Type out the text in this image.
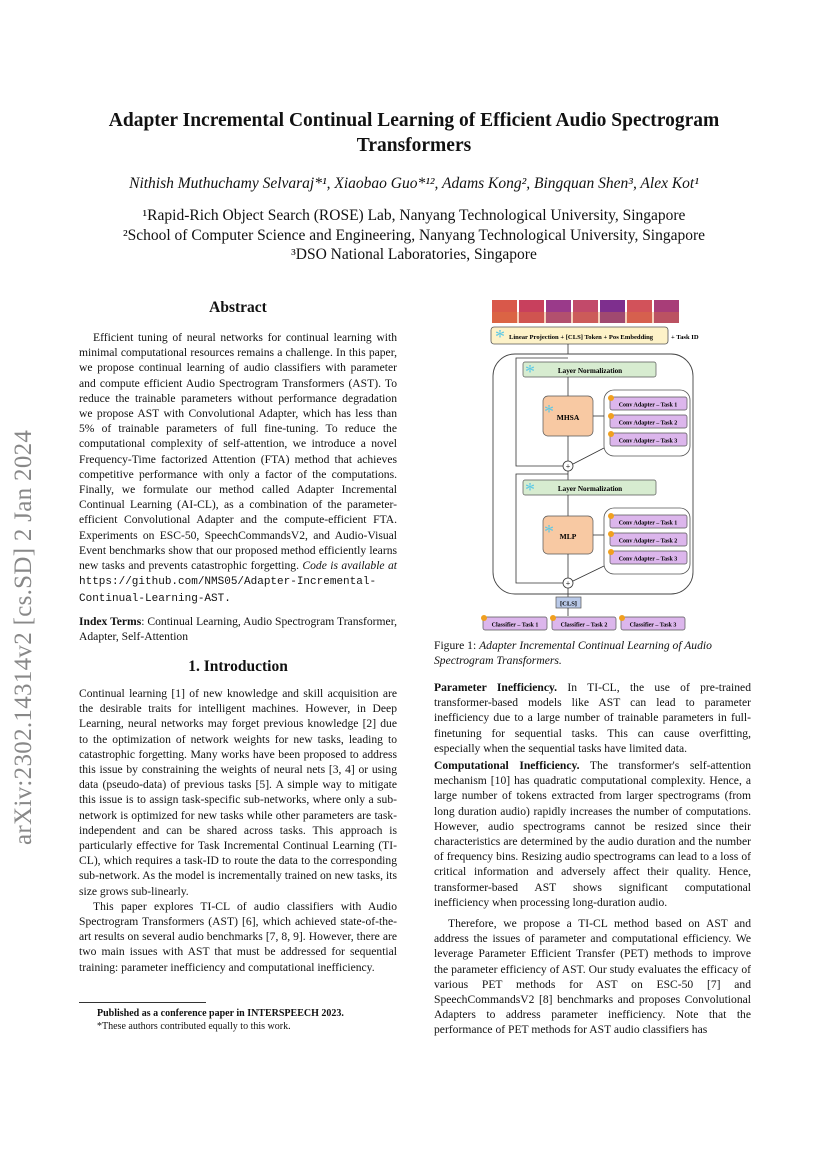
arXiv:2302.14314v2 [cs.SD] 2 Jan 2024
Adapter Incremental Continual Learning of Efficient Audio Spectrogram Transformers
Nithish Muthuchamy Selvaraj*¹, Xiaobao Guo*¹², Adams Kong², Bingquan Shen³, Alex Kot¹
¹Rapid-Rich Object Search (ROSE) Lab, Nanyang Technological University, Singapore
²School of Computer Science and Engineering, Nanyang Technological University, Singapore
³DSO National Laboratories, Singapore
Abstract

Efficient tuning of neural networks for continual learning with minimal computational resources remains a challenge. In this paper, we propose continual learning of audio classifiers with parameter and compute efficient Audio Spectrogram Transformers (AST). To reduce the trainable parameters without performance degradation we propose AST with Convolutional Adapter, which has less than 5% of trainable parameters of full fine-tuning. To reduce the computational complexity of self-attention, we introduce a novel Frequency-Time factorized Attention (FTA) method that achieves competitive performance with only a factor of the computations. Finally, we formulate our method called Adapter Incremental Continual Learning (AI-CL), as a combination of the parameter-efficient Convolutional Adapter and the compute-efficient FTA. Experiments on ESC-50, SpeechCommandsV2, and Audio-Visual Event benchmarks show that our proposed method efficiently learns new tasks and prevents catastrophic forgetting. Code is available at https://github.com/NMS05/Adapter-Incremental-Continual-Learning-AST.

Index Terms: Continual Learning, Audio Spectrogram Transformer, Adapter, Self-Attention

1. Introduction

Continual learning [1] of new knowledge and skill acquisition are the desirable traits for intelligent machines. However, in Deep Learning, neural networks may forget previous knowledge [2] due to the optimization of network weights for new tasks, leading to catastrophic forgetting. Many works have been proposed to address this issue by constraining the weights of neural nets [3, 4] or using data (pseudo-data) of previous tasks [5]. A simple way to mitigate this issue is to assign task-specific sub-networks, where only a sub-network is optimized for new tasks while other parameters are task-independent and can be shared across tasks. This approach is particularly effective for Task Incremental Continual Learning (TI-CL), which requires a task-ID to route the data to the corresponding sub-network. As the model is incrementally trained on new tasks, its size grows sub-linearly.

This paper explores TI-CL of audio classifiers with Audio Spectrogram Transformers (AST) [6], which achieved state-of-the-art results on several audio benchmarks [7, 8, 9]. However, there are two main issues with AST that must be addressed for sequential training: parameter inefficiency and computational inefficiency.

Published as a conference paper in INTERSPEECH 2023.
*These authors contributed equally to this work.
Linear Projection + [CLS] Token + Pos Embedding	+ Task ID
*
Layer Normalization
*
MHSA
*	Conv Adapter – Task 1
Conv Adapter – Task 2
Conv Adapter – Task 3
+
Layer Normalization
*
MLP
*	Conv Adapter – Task 1
Conv Adapter – Task 2
Conv Adapter – Task 3
+
[CLS]
Classifier – Task 1	Classifier – Task 2	Classifier – Task 3
Figure 1: Adapter Incremental Continual Learning of Audio Spectrogram Transformers.

Parameter Inefficiency. In TI-CL, the use of pre-trained transformer-based models like AST can lead to parameter inefficiency due to a large number of trainable parameters in full-finetuning for sequential tasks. This can cause overfitting, especially when the sequential tasks have limited data.

Computational Inefficiency. The transformer's self-attention mechanism [10] has quadratic computational complexity. Hence, a large number of tokens extracted from larger spectrograms (from long duration audio) rapidly increases the number of computations. However, audio spectrograms cannot be resized since their characteristics are determined by the audio duration and the number of frequency bins. Resizing audio spectrograms can lead to a loss of critical information and adversely affect their quality. Hence, transformer-based AST shows significant computational inefficiency when processing long-duration audio.

Therefore, we propose a TI-CL method based on AST and address the issues of parameter and computational efficiency. We leverage Parameter Efficient Transfer (PET) methods to improve the parameter efficiency of AST. Our study evaluates the efficacy of various PET methods for AST on ESC-50 [7] and SpeechCommandsV2 [8] benchmarks and proposes Convolutional Adapters to address parameter inefficiency. Note that the performance of PET methods for AST audio classifiers has
